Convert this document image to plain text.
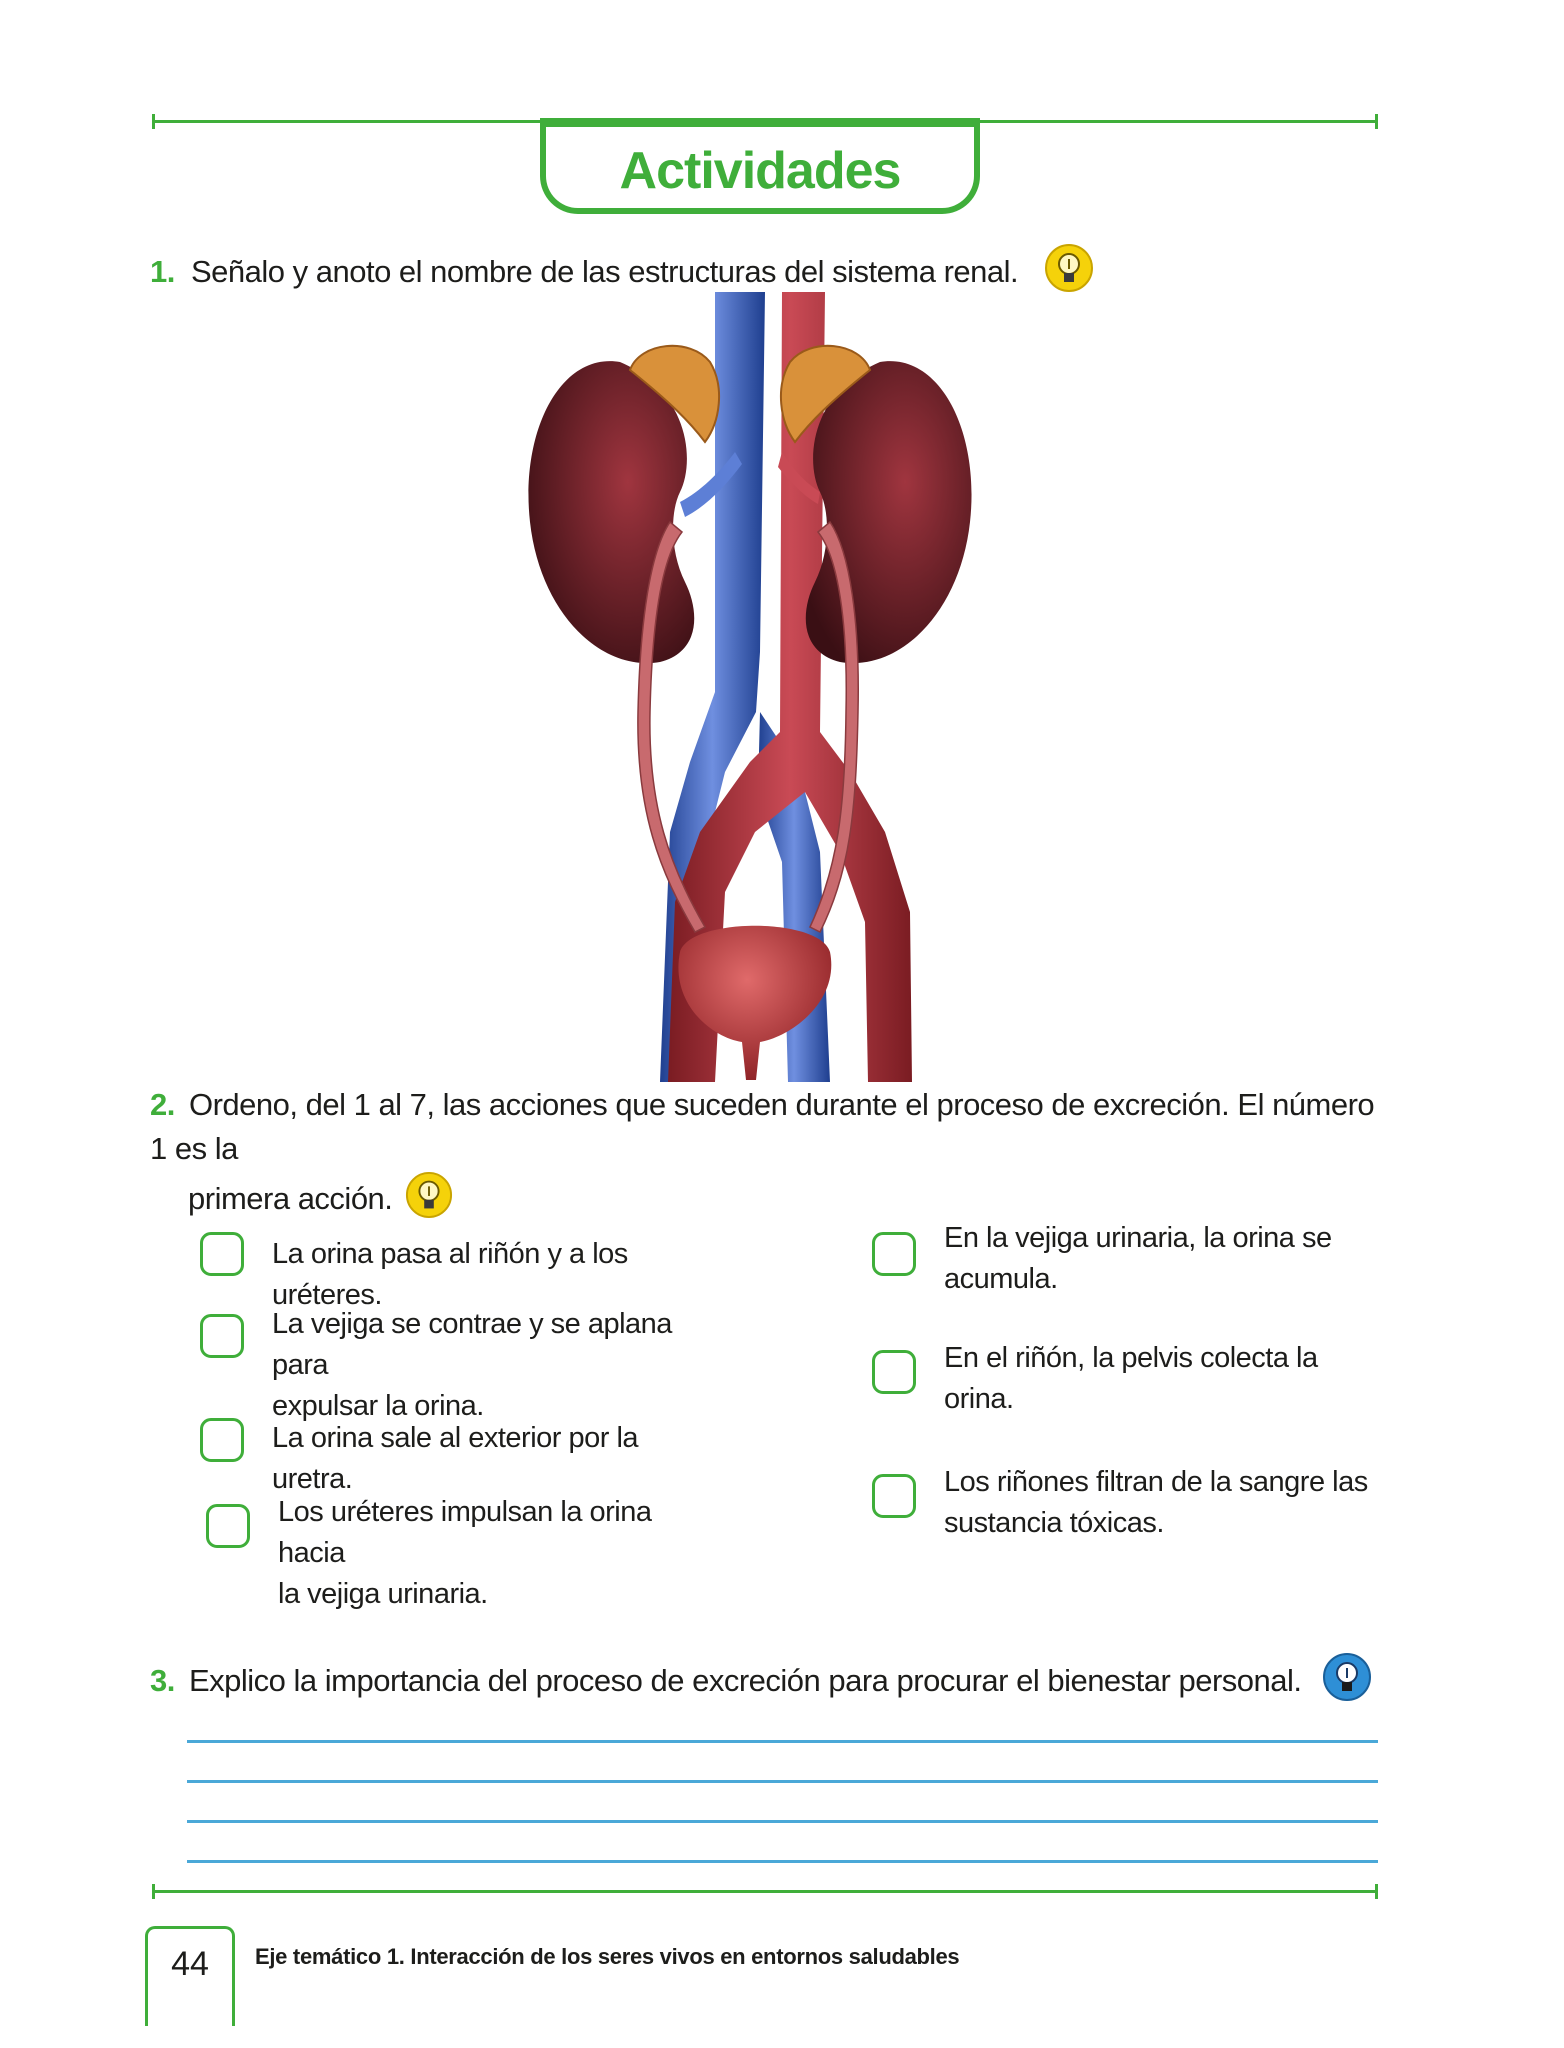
Actividades
1. Señalo y anoto el nombre de las estructuras del sistema renal.
2. Ordeno, del 1 al 7, las acciones que suceden durante el proceso de excreción. El número 1 es la
primera acción.
La orina pasa al riñón y a los uréteres.
La vejiga se contrae y se aplana para
expulsar la orina.
La orina sale al exterior por la uretra.
Los uréteres impulsan la orina hacia
la vejiga urinaria.
En la vejiga urinaria, la orina se
acumula.
En el riñón, la pelvis colecta la
orina.
Los riñones filtran de la sangre las
sustancia tóxicas.
3. Explico la importancia del proceso de excreción para procurar el bienestar personal.
44	Eje temático 1. Interacción de los seres vivos en entornos saludables
